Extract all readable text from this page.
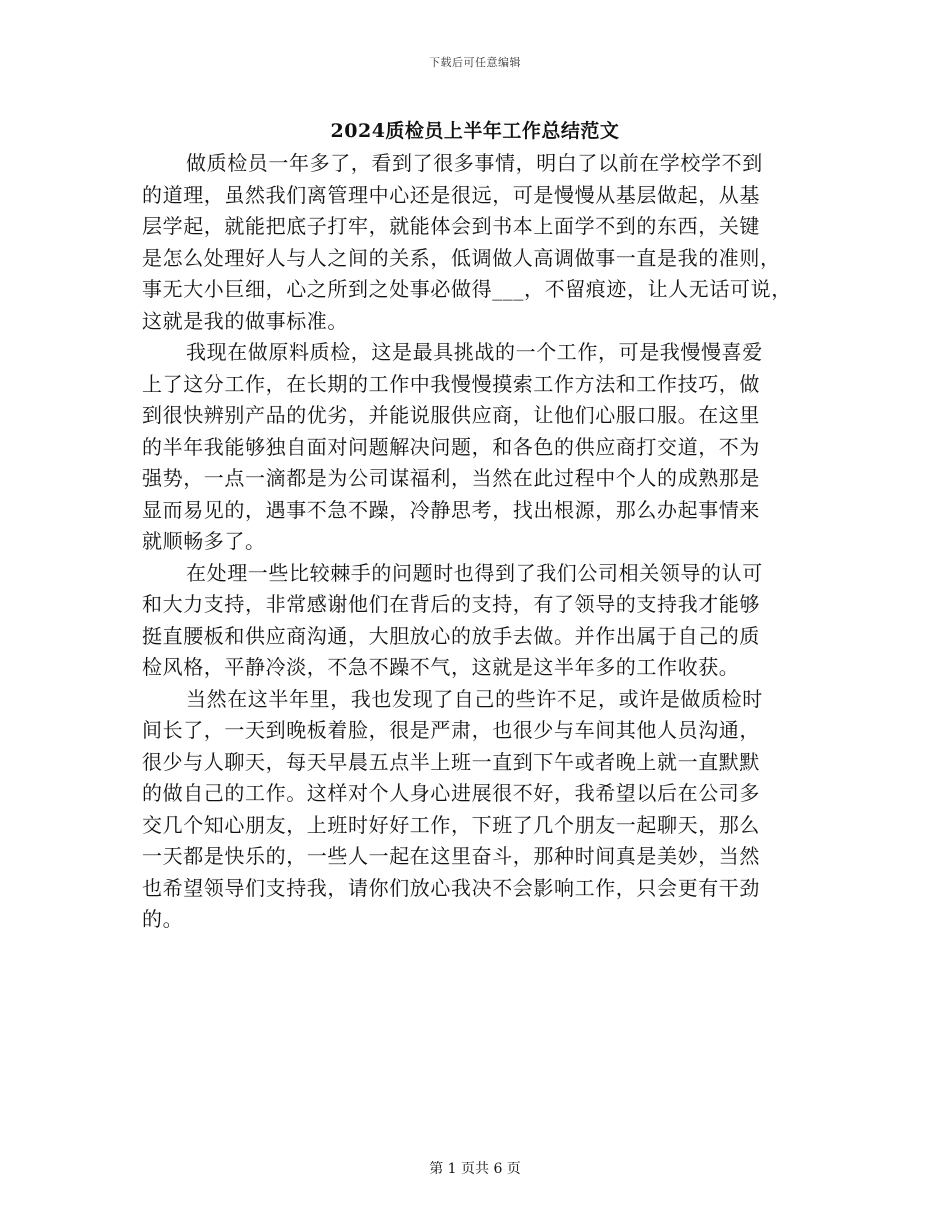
下载后可任意编辑
2024质检员上半年工作总结范文
做质检员一年多了，看到了很多事情，明白了以前在学校学不到
的道理，虽然我们离管理中心还是很远，可是慢慢从基层做起，从基
层学起，就能把底子打牢，就能体会到书本上面学不到的东西，关键
是怎么处理好人与人之间的关系，低调做人高调做事一直是我的准则，
事无大小巨细，心之所到之处事必做得___，不留痕迹，让人无话可说，
这就是我的做事标准。
我现在做原料质检，这是最具挑战的一个工作，可是我慢慢喜爱
上了这分工作，在长期的工作中我慢慢摸索工作方法和工作技巧，做
到很快辨别产品的优劣，并能说服供应商，让他们心服口服。在这里
的半年我能够独自面对问题解决问题，和各色的供应商打交道，不为
强势，一点一滴都是为公司谋福利，当然在此过程中个人的成熟那是
显而易见的，遇事不急不躁，冷静思考，找出根源，那么办起事情来
就顺畅多了。
在处理一些比较棘手的问题时也得到了我们公司相关领导的认可
和大力支持，非常感谢他们在背后的支持，有了领导的支持我才能够
挺直腰板和供应商沟通，大胆放心的放手去做。并作出属于自己的质
检风格，平静冷淡，不急不躁不气，这就是这半年多的工作收获。
当然在这半年里，我也发现了自己的些许不足，或许是做质检时
间长了，一天到晚板着脸，很是严肃，也很少与车间其他人员沟通，
很少与人聊天，每天早晨五点半上班一直到下午或者晚上就一直默默
的做自己的工作。这样对个人身心进展很不好，我希望以后在公司多
交几个知心朋友，上班时好好工作，下班了几个朋友一起聊天，那么
一天都是快乐的，一些人一起在这里奋斗，那种时间真是美妙，当然
也希望领导们支持我，请你们放心我决不会影响工作，只会更有干劲
的。
第 1 页共 6 页
